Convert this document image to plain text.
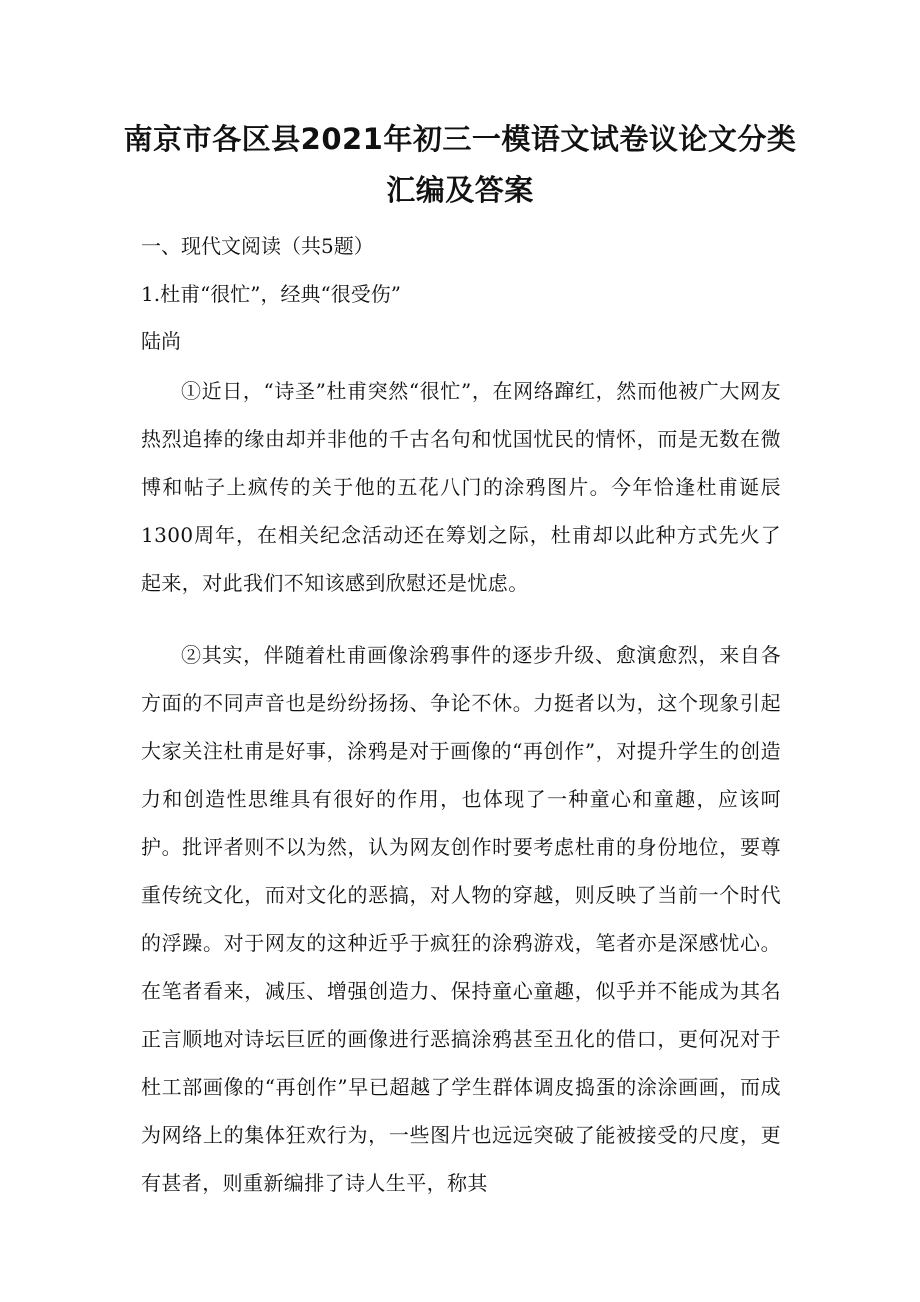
南京市各区县2021年初三一模语文试卷议论文分类
汇编及答案

一、现代文阅读（共5题）

1.杜甫“很忙”，经典“很受伤”

陆尚

①近日，“诗圣”杜甫突然“很忙”，在网络蹿红，然而他被广大网友热烈追捧的缘由却并非他的千古名句和忧国忧民的情怀，而是无数在微博和帖子上疯传的关于他的五花八门的涂鸦图片。今年恰逢杜甫诞辰1300周年，在相关纪念活动还在筹划之际，杜甫却以此种方式先火了起来，对此我们不知该感到欣慰还是忧虑。

②其实，伴随着杜甫画像涂鸦事件的逐步升级、愈演愈烈，来自各方面的不同声音也是纷纷扬扬、争论不休。力挺者以为，这个现象引起大家关注杜甫是好事，涂鸦是对于画像的“再创作”，对提升学生的创造力和创造性思维具有很好的作用，也体现了一种童心和童趣，应该呵护。批评者则不以为然，认为网友创作时要考虑杜甫的身份地位，要尊重传统文化，而对文化的恶搞，对人物的穿越，则反映了当前一个时代的浮躁。对于网友的这种近乎于疯狂的涂鸦游戏，笔者亦是深感忧心。在笔者看来，减压、增强创造力、保持童心童趣，似乎并不能成为其名正言顺地对诗坛巨匠的画像进行恶搞涂鸦甚至丑化的借口，更何况对于杜工部画像的“再创作”早已超越了学生群体调皮捣蛋的涂涂画画，而成为网络上的集体狂欢行为，一些图片也远远突破了能被接受的尺度，更有甚者，则重新编排了诗人生平，称其
